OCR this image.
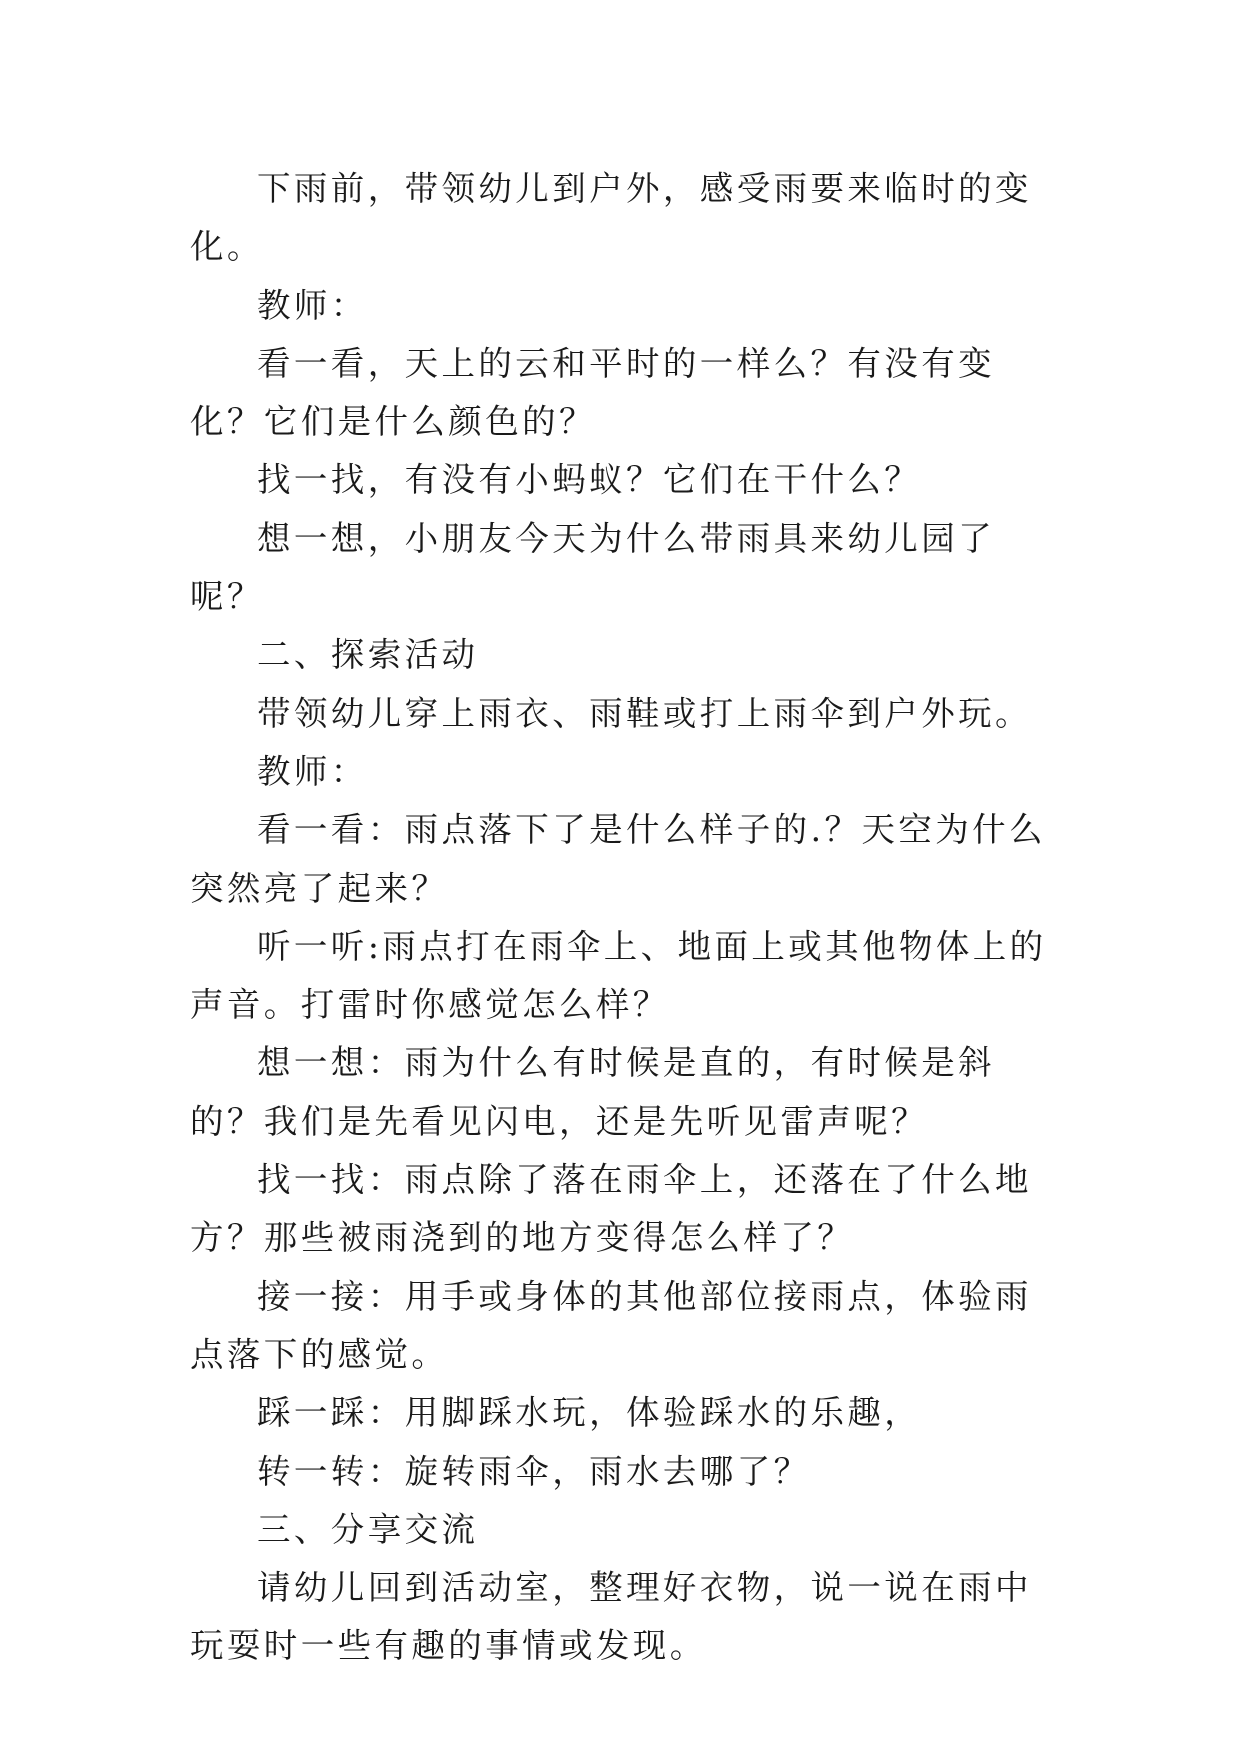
下雨前，带领幼儿到户外，感受雨要来临时的变化。

教师：

看一看，天上的云和平时的一样么？有没有变化？它们是什么颜色的？

找一找，有没有小蚂蚁？它们在干什么？

想一想，小朋友今天为什么带雨具来幼儿园了呢？

二、探索活动

带领幼儿穿上雨衣、雨鞋或打上雨伞到户外玩。

教师：

看一看：雨点落下了是什么样子的.？天空为什么突然亮了起来？

听一听:雨点打在雨伞上、地面上或其他物体上的声音。打雷时你感觉怎么样？

想一想：雨为什么有时候是直的，有时候是斜的？我们是先看见闪电，还是先听见雷声呢？

找一找：雨点除了落在雨伞上，还落在了什么地方？那些被雨浇到的地方变得怎么样了？

接一接：用手或身体的其他部位接雨点，体验雨点落下的感觉。

踩一踩：用脚踩水玩，体验踩水的乐趣，

转一转：旋转雨伞，雨水去哪了？

三、分享交流

请幼儿回到活动室，整理好衣物，说一说在雨中玩耍时一些有趣的事情或发现。
